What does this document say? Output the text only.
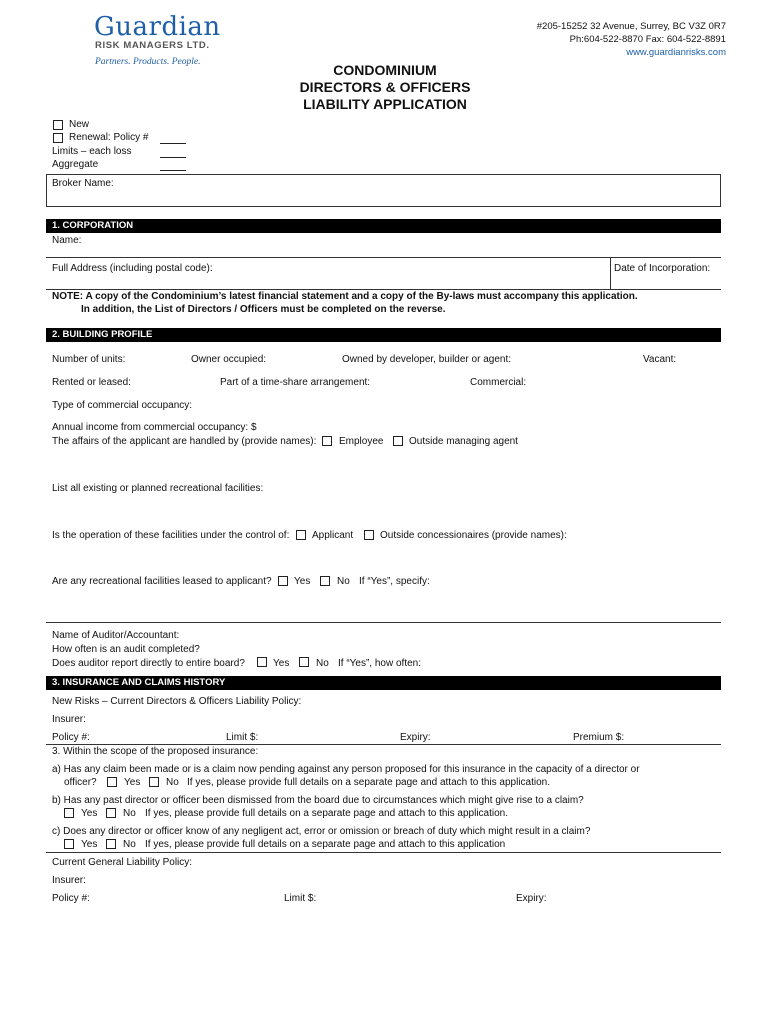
Guardian
RISK MANAGERS LTD.
Partners. Products. People.
#205-15252 32 Avenue, Surrey, BC V3Z 0R7
Ph:604-522-8870 Fax: 604-522-8891
www.guardianrisks.com
CONDOMINIUM
DIRECTORS & OFFICERS
LIABILITY APPLICATION
New
Renewal: Policy #
Limits – each loss
Aggregate
Broker Name:
1. CORPORATION
Name:
Full Address (including postal code):	Date of Incorporation:
NOTE: A copy of the Condominium’s latest financial statement and a copy of the By-laws must accompany this application.
In addition, the List of Directors / Officers must be completed on the reverse.
2. BUILDING PROFILE
Number of units:	Owner occupied:	Owned by developer, builder or agent:	Vacant:
Rented or leased:	Part of a time-share arrangement:	Commercial:
Type of commercial occupancy:
Annual income from commercial occupancy: $
The affairs of the applicant are handled by (provide names): Employee	Outside managing agent
List all existing or planned recreational facilities:
Is the operation of these facilities under the control of: Applicant	Outside concessionaires (provide names):
Are any recreational facilities leased to applicant? Yes	No If “Yes”, specify:
Name of Auditor/Accountant:
How often is an audit completed?
Does auditor report directly to entire board?	Yes	No If “Yes”, how often:
3. INSURANCE AND CLAIMS HISTORY
New Risks – Current Directors & Officers Liability Policy:
Insurer:
Policy #:	Limit $:	Expiry:	Premium $:
3. Within the scope of the proposed insurance:
a) Has any claim been made or is a claim now pending against any person proposed for this insurance in the capacity of a director or
officer?	Yes	No If yes, please provide full details on a separate page and attach to this application.
b) Has any past director or officer been dismissed from the board due to circumstances which might give rise to a claim?
Yes	No If yes, please provide full details on a separate page and attach to this application.
c) Does any director or officer know of any negligent act, error or omission or breach of duty which might result in a claim?
Yes	No If yes, please provide full details on a separate page and attach to this application
Current General Liability Policy:
Insurer:
Policy #:	Limit $:	Expiry:
